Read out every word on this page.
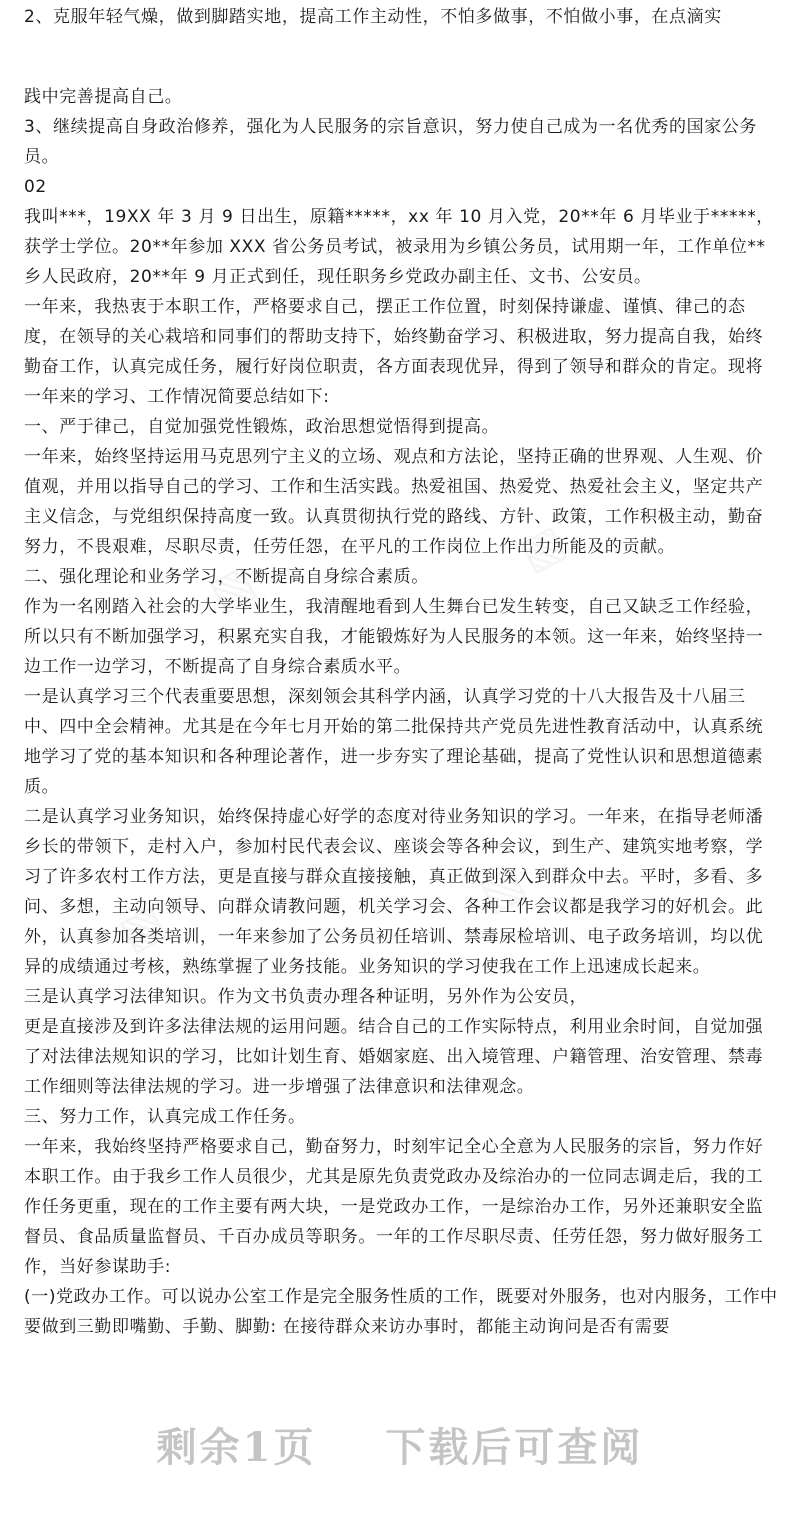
2、克服年轻气燥，做到脚踏实地，提高工作主动性，不怕多做事，不怕做小事，在点滴实

践中完善提高自己。

3、继续提高自身政治修养，强化为人民服务的宗旨意识，努力使自己成为一名优秀的国家公务员。

02

我叫***，19XX 年 3 月 9 日出生，原籍*****，xx 年 10 月入党，20**年 6 月毕业于*****，获学士学位。20**年参加 XXX 省公务员考试，被录用为乡镇公务员，试用期一年，工作单位**乡人民政府，20**年 9 月正式到任，现任职务乡党政办副主任、文书、公安员。

一年来，我热衷于本职工作，严格要求自己，摆正工作位置，时刻保持谦虚、谨慎、律己的态度，在领导的关心栽培和同事们的帮助支持下，始终勤奋学习、积极进取，努力提高自我，始终勤奋工作，认真完成任务，履行好岗位职责，各方面表现优异，得到了领导和群众的肯定。现将一年来的学习、工作情况简要总结如下:

一、严于律己，自觉加强党性锻炼，政治思想觉悟得到提高。

一年来，始终坚持运用马克思列宁主义的立场、观点和方法论，坚持正确的世界观、人生观、价值观，并用以指导自己的学习、工作和生活实践。热爱祖国、热爱党、热爱社会主义，坚定共产主义信念，与党组织保持高度一致。认真贯彻执行党的路线、方针、政策，工作积极主动，勤奋努力，不畏艰难，尽职尽责，任劳任怨，在平凡的工作岗位上作出力所能及的贡献。

二、强化理论和业务学习，不断提高自身综合素质。

作为一名刚踏入社会的大学毕业生，我清醒地看到人生舞台已发生转变，自己又缺乏工作经验，所以只有不断加强学习，积累充实自我，才能锻炼好为人民服务的本领。这一年来，始终坚持一边工作一边学习，不断提高了自身综合素质水平。

一是认真学习三个代表重要思想，深刻领会其科学内涵，认真学习党的十八大报告及十八届三中、四中全会精神。尤其是在今年七月开始的第二批保持共产党员先进性教育活动中，认真系统地学习了党的基本知识和各种理论著作，进一步夯实了理论基础，提高了党性认识和思想道德素质。

二是认真学习业务知识，始终保持虚心好学的态度对待业务知识的学习。一年来，在指导老师潘乡长的带领下，走村入户，参加村民代表会议、座谈会等各种会议，到生产、建筑实地考察，学习了许多农村工作方法，更是直接与群众直接接触，真正做到深入到群众中去。平时，多看、多问、多想，主动向领导、向群众请教问题，机关学习会、各种工作会议都是我学习的好机会。此外，认真参加各类培训，一年来参加了公务员初任培训、禁毒尿检培训、电子政务培训，均以优异的成绩通过考核，熟练掌握了业务技能。业务知识的学习使我在工作上迅速成长起来。

三是认真学习法律知识。作为文书负责办理各种证明，另外作为公安员，

更是直接涉及到许多法律法规的运用问题。结合自己的工作实际特点，利用业余时间，自觉加强了对法律法规知识的学习，比如计划生育、婚姻家庭、出入境管理、户籍管理、治安管理、禁毒工作细则等法律法规的学习。进一步增强了法律意识和法律观念。

三、努力工作，认真完成工作任务。

一年来，我始终坚持严格要求自己，勤奋努力，时刻牢记全心全意为人民服务的宗旨，努力作好本职工作。由于我乡工作人员很少，尤其是原先负责党政办及综治办的一位同志调走后，我的工作任务更重，现在的工作主要有两大块，一是党政办工作，一是综治办工作，另外还兼职安全监督员、食品质量监督员、千百办成员等职务。一年的工作尽职尽责、任劳任怨，努力做好服务工作，当好参谋助手:

(一)党政办工作。可以说办公室工作是完全服务性质的工作，既要对外服务，也对内服务，工作中要做到三勤即嘴勤、手勤、脚勤: 在接待群众来访办事时，都能主动询问是否有需要

剩余1页 下载后可查阅
